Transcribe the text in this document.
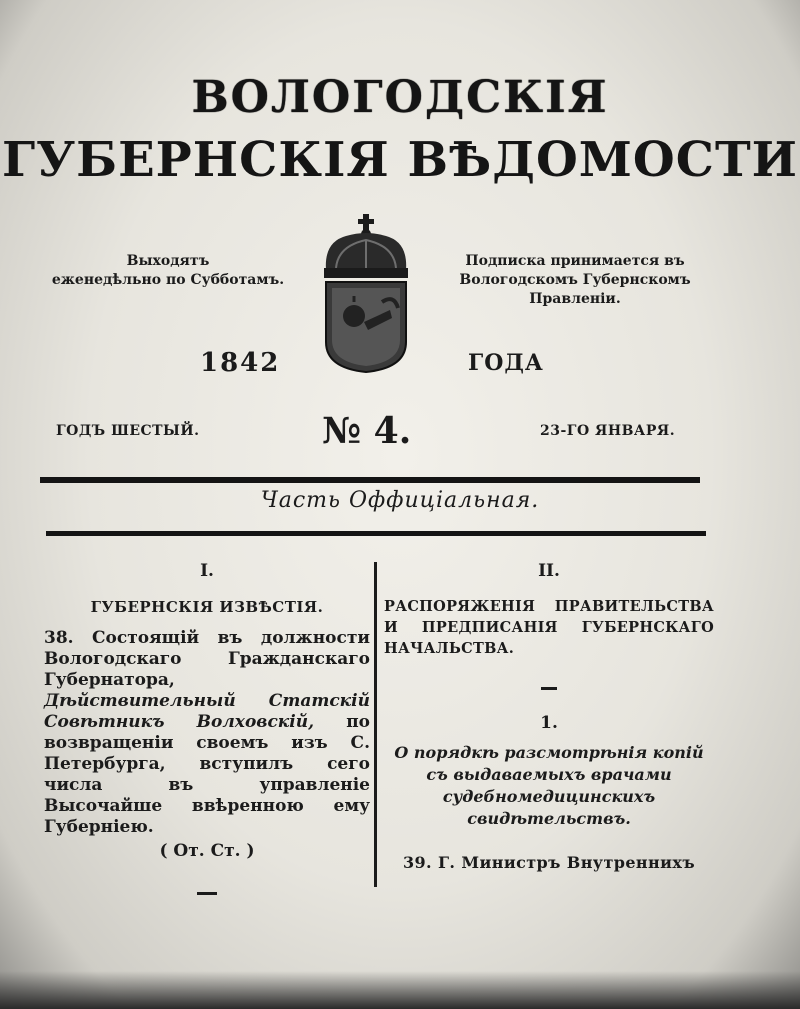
ВОЛОГОДСКІЯ
ГУБЕРНСКІЯ ВѢДОМОСТИ
Выходятъ
еженедѣльно по Субботамъ.
Подписка принимается въ
Вологодскомъ Губернскомъ
Правленіи.
1842	ГОДА
ГОДЪ ШЕСТЫЙ.	№ 4.	23-ГО ЯНВАРЯ.
Часть Оффиціальная.
I.
ГУБЕРНСКІЯ ИЗВѢСТІЯ.
38. Состоящій въ должности Вологодскаго Гражданскаго Губернатора, Дѣйствительный Статскій Совѣтникъ Волховскій, по возвращеніи своемъ изъ С. Петербурга, вступилъ сего числа въ управленіе Высочайше ввѣренною ему Губерніею.
( От. Ст. )
II.
РАСПОРЯЖЕНІЯ ПРАВИТЕЛЬСТВА И ПРЕДПИСАНІЯ ГУБЕРНСКАГО НАЧАЛЬСТВА.
1.
О порядкѣ разсмотрѣнія копій съ выдаваемыхъ врачами судебномедицинскихъ свидѣтельствъ.
39. Г. Министръ Внутреннихъ
